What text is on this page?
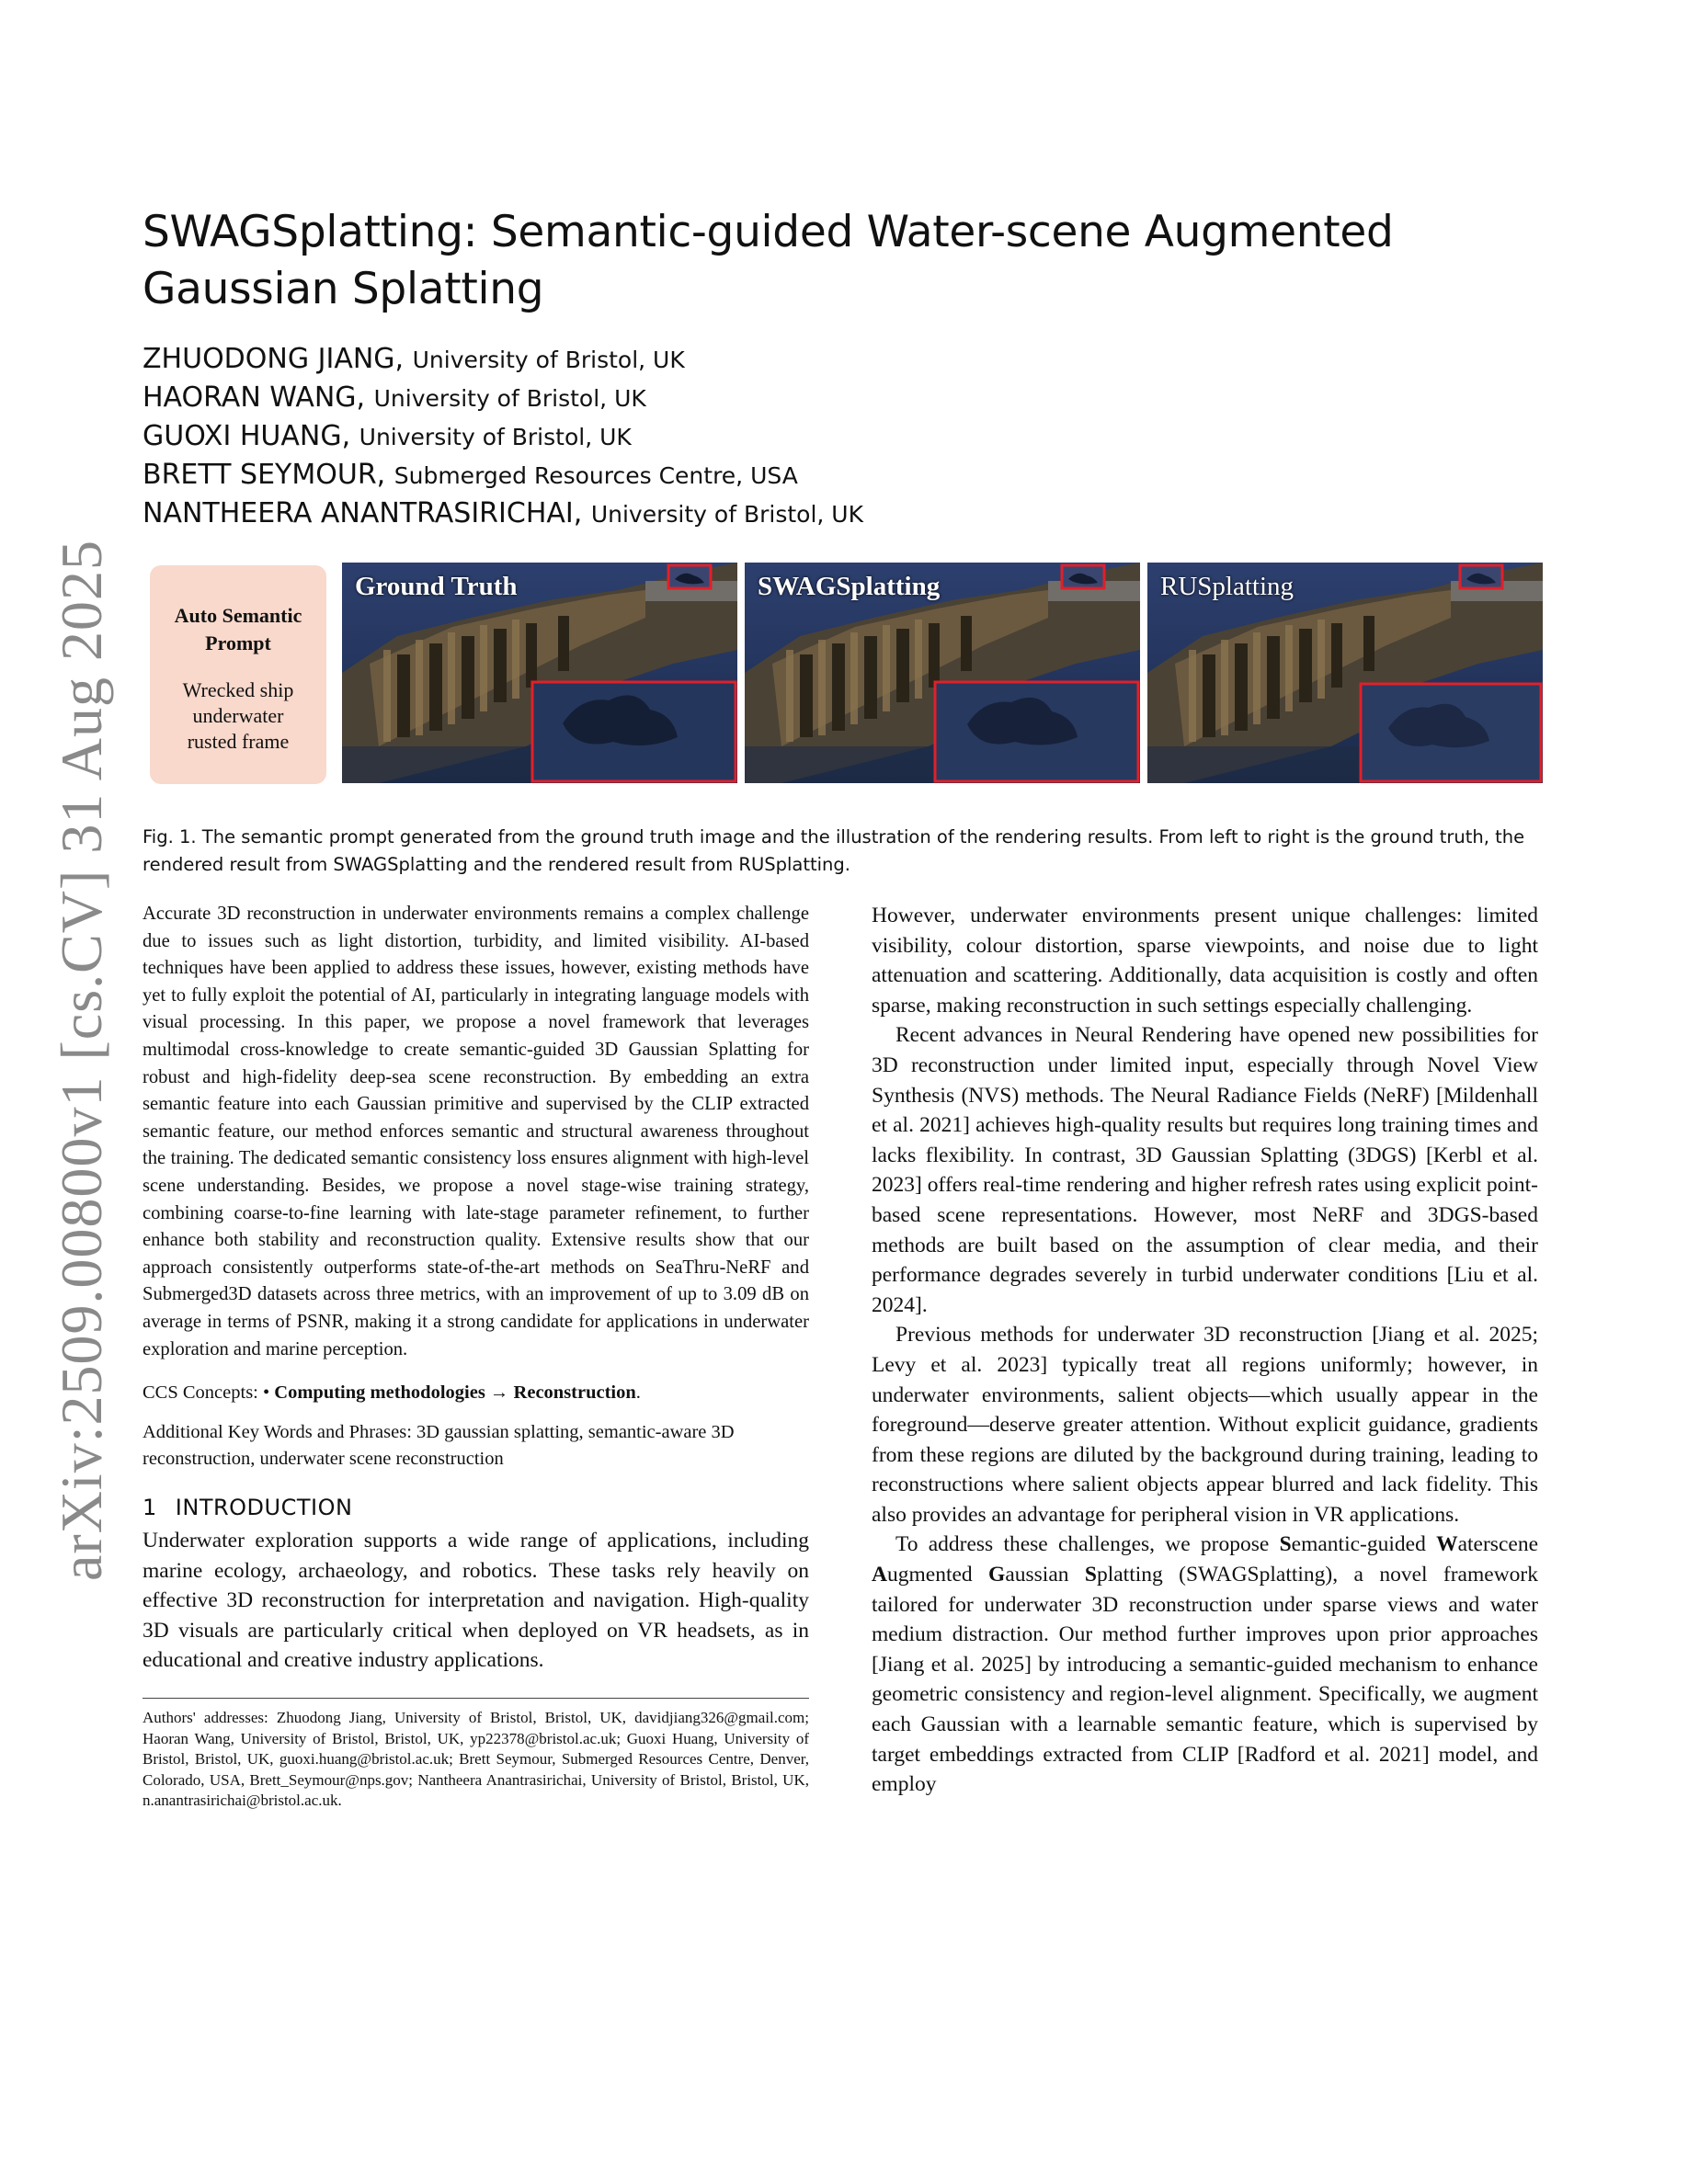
arXiv:2509.00800v1 [cs.CV] 31 Aug 2025
SWAGSplatting: Semantic-guided Water-scene Augmented Gaussian Splatting
ZHUODONG JIANG, University of Bristol, UK
HAORAN WANG, University of Bristol, UK
GUOXI HUANG, University of Bristol, UK
BRETT SEYMOUR, Submerged Resources Centre, USA
NANTHEERA ANANTRASIRICHAI, University of Bristol, UK
Auto Semantic
Prompt
Wrecked ship
underwater
rusted frame
Ground Truth	SWAGSplatting	RUSplatting
Fig. 1. The semantic prompt generated from the ground truth image and the illustration of the rendering results. From left to right is the ground truth, the rendered result from SWAGSplatting and the rendered result from RUSplatting.

Accurate 3D reconstruction in underwater environments remains a complex challenge due to issues such as light distortion, turbidity, and limited visibility. AI-based techniques have been applied to address these issues, however, existing methods have yet to fully exploit the potential of AI, particularly in integrating language models with visual processing. In this paper, we propose a novel framework that leverages multimodal cross-knowledge to create semantic-guided 3D Gaussian Splatting for robust and high-fidelity deep-sea scene reconstruction. By embedding an extra semantic feature into each Gaussian primitive and supervised by the CLIP extracted semantic feature, our method enforces semantic and structural awareness throughout the training. The dedicated semantic consistency loss ensures alignment with high-level scene understanding. Besides, we propose a novel stage-wise training strategy, combining coarse-to-fine learning with late-stage parameter refinement, to further enhance both stability and reconstruction quality. Extensive results show that our approach consistently outperforms state-of-the-art methods on SeaThru-NeRF and Submerged3D datasets across three metrics, with an improvement of up to 3.09 dB on average in terms of PSNR, making it a strong candidate for applications in underwater exploration and marine perception.

CCS Concepts: • Computing methodologies → Reconstruction.

Additional Key Words and Phrases: 3D gaussian splatting, semantic-aware 3D reconstruction, underwater scene reconstruction

1 INTRODUCTION

Underwater exploration supports a wide range of applications, including marine ecology, archaeology, and robotics. These tasks rely heavily on effective 3D reconstruction for interpretation and navigation. High-quality 3D visuals are particularly critical when deployed on VR headsets, as in educational and creative industry applications.

Authors' addresses: Zhuodong Jiang, University of Bristol, Bristol, UK, davidjiang326@gmail.com; Haoran Wang, University of Bristol, Bristol, UK, yp22378@bristol.ac.uk; Guoxi Huang, University of Bristol, Bristol, UK, guoxi.huang@bristol.ac.uk; Brett Seymour, Submerged Resources Centre, Denver, Colorado, USA, Brett_Seymour@nps.gov; Nantheera Anantrasirichai, University of Bristol, Bristol, UK, n.anantrasirichai@bristol.ac.uk.

However, underwater environments present unique challenges: limited visibility, colour distortion, sparse viewpoints, and noise due to light attenuation and scattering. Additionally, data acquisition is costly and often sparse, making reconstruction in such settings especially challenging.

Recent advances in Neural Rendering have opened new possibilities for 3D reconstruction under limited input, especially through Novel View Synthesis (NVS) methods. The Neural Radiance Fields (NeRF) [Mildenhall et al. 2021] achieves high-quality results but requires long training times and lacks flexibility. In contrast, 3D Gaussian Splatting (3DGS) [Kerbl et al. 2023] offers real-time rendering and higher refresh rates using explicit point-based scene representations. However, most NeRF and 3DGS-based methods are built based on the assumption of clear media, and their performance degrades severely in turbid underwater conditions [Liu et al. 2024].

Previous methods for underwater 3D reconstruction [Jiang et al. 2025; Levy et al. 2023] typically treat all regions uniformly; however, in underwater environments, salient objects—which usually appear in the foreground—deserve greater attention. Without explicit guidance, gradients from these regions are diluted by the background during training, leading to reconstructions where salient objects appear blurred and lack fidelity. This also provides an advantage for peripheral vision in VR applications.

To address these challenges, we propose Semantic-guided Waterscene Augmented Gaussian Splatting (SWAGSplatting), a novel framework tailored for underwater 3D reconstruction under sparse views and water medium distraction. Our method further improves upon prior approaches [Jiang et al. 2025] by introducing a semantic-guided mechanism to enhance geometric consistency and region-level alignment. Specifically, we augment each Gaussian with a learnable semantic feature, which is supervised by target embeddings extracted from CLIP [Radford et al. 2021] model, and employ
